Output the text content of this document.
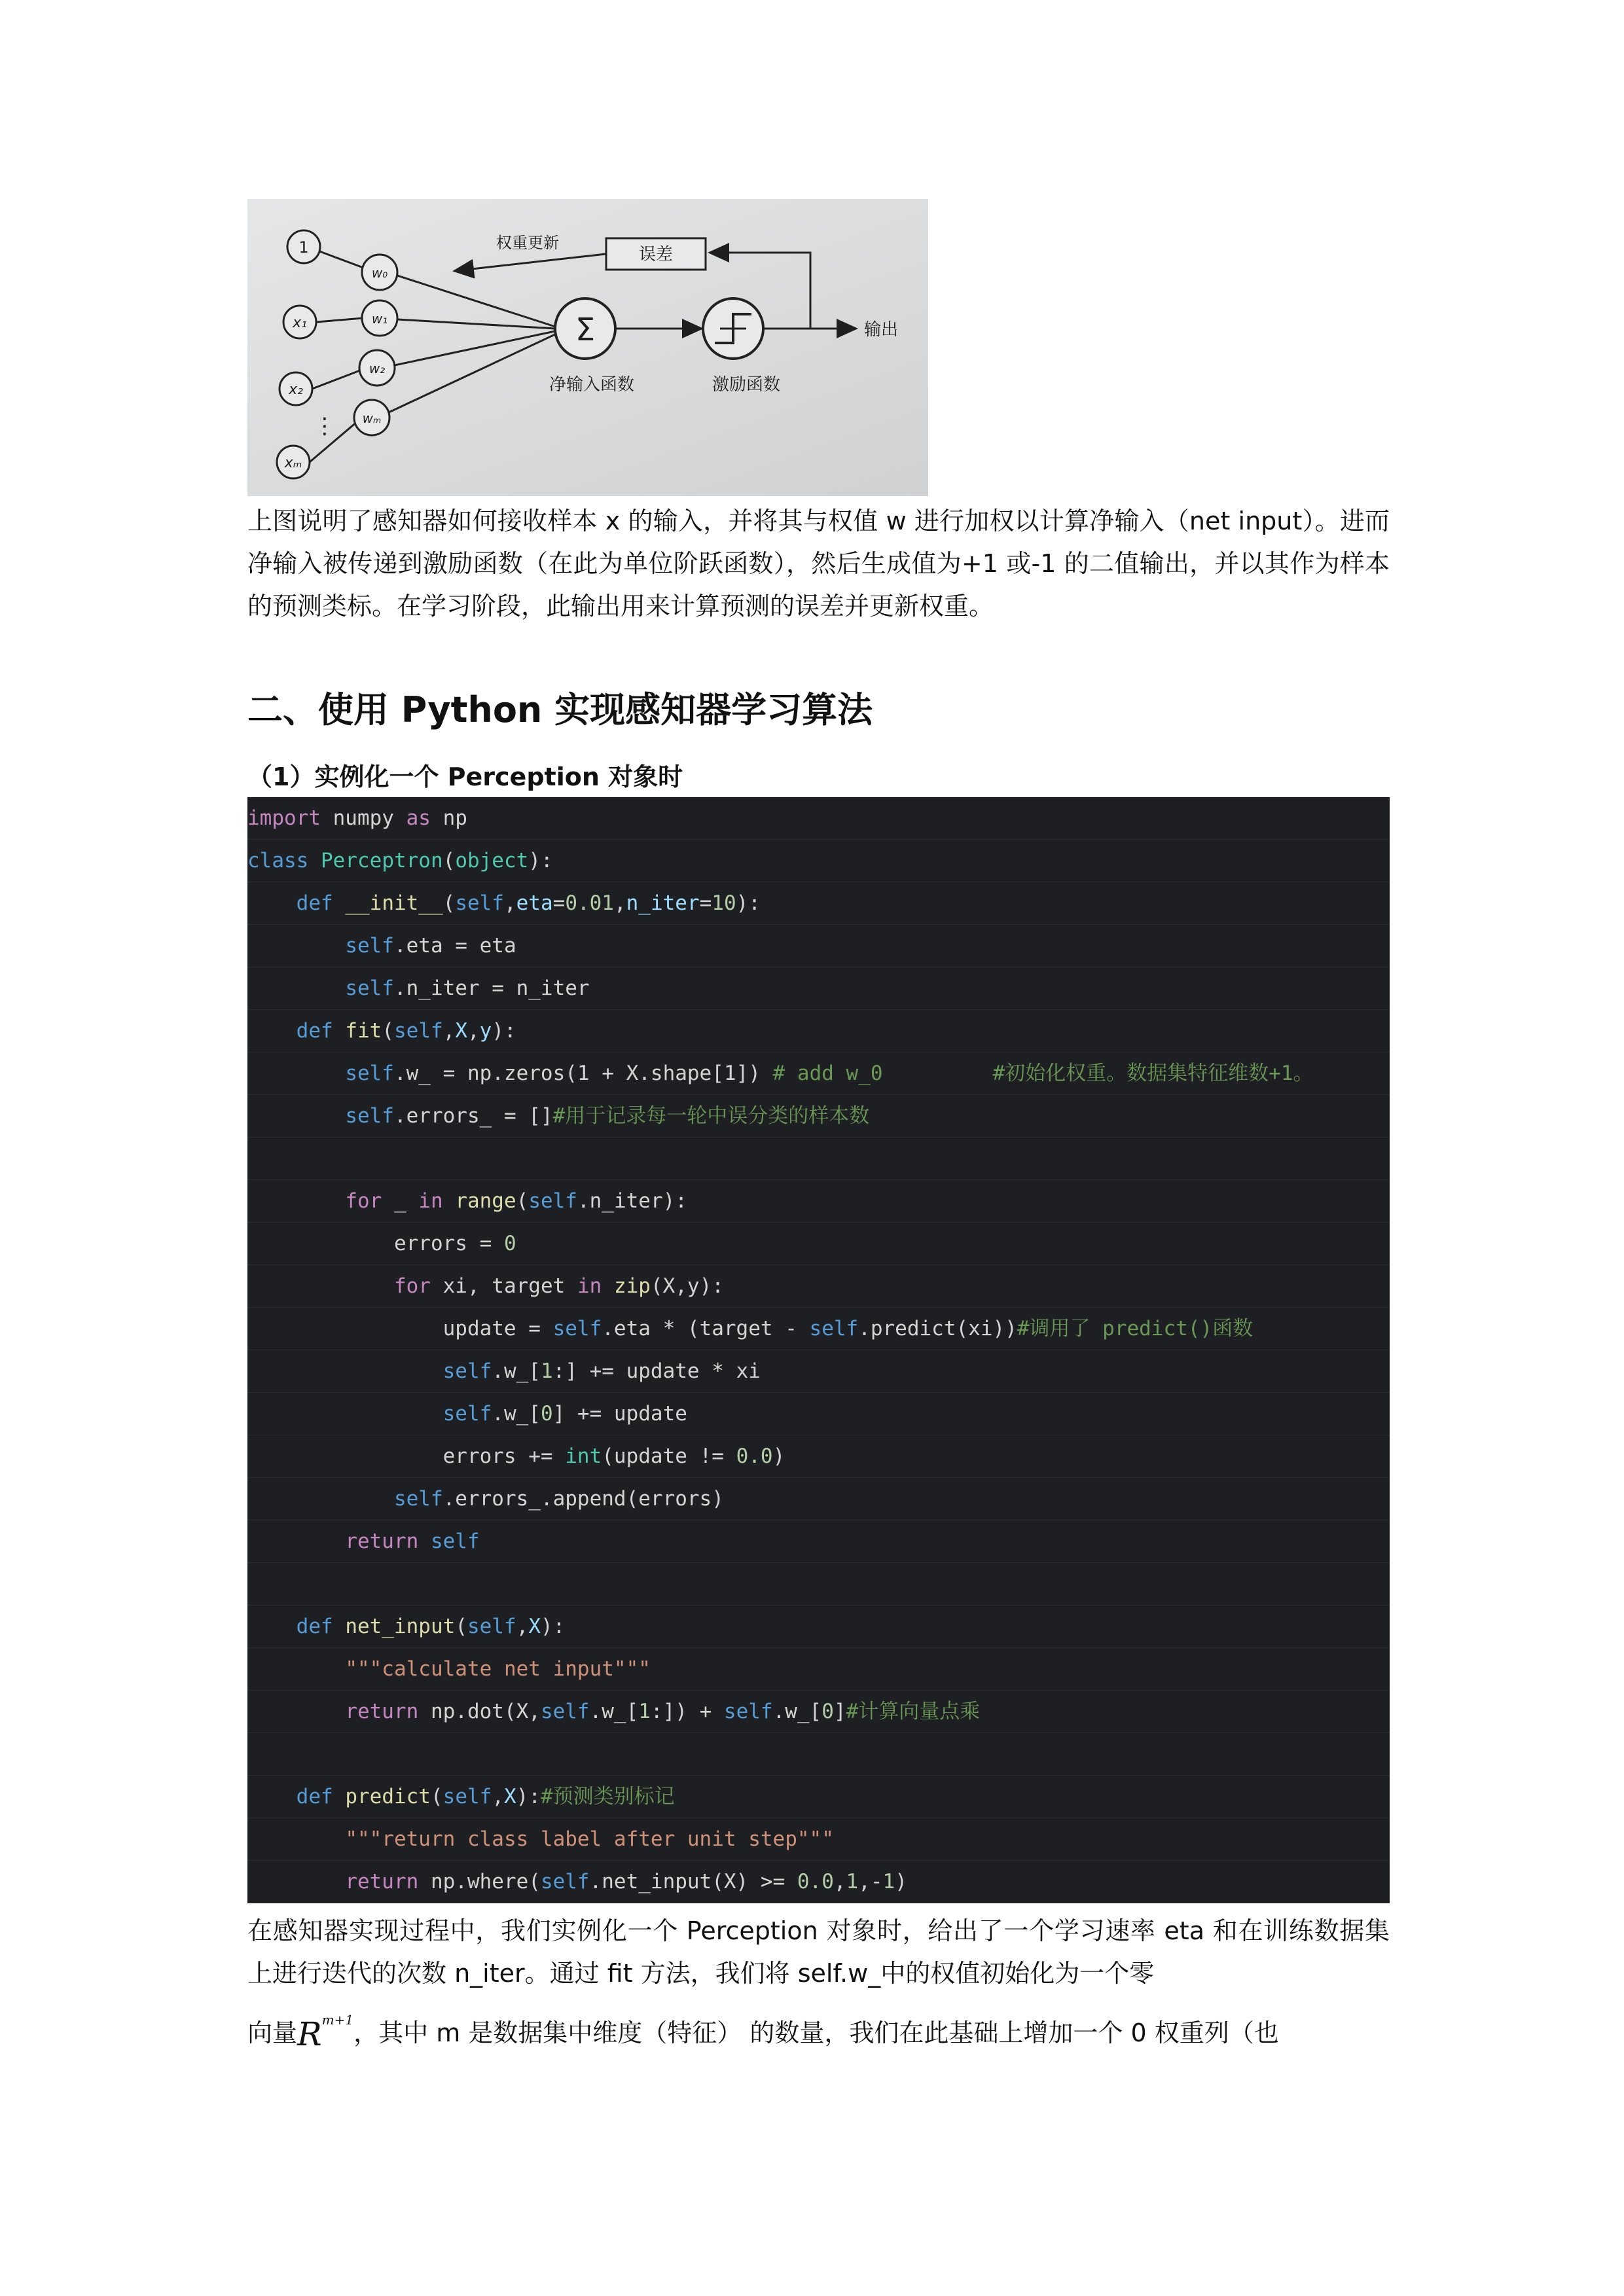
1
x₁
x₂
⋮
xₘ
w₀
w₁
w₂
wₘ
Σ
净输入函数	激励函数
输出
误差
权重更新

上图说明了感知器如何接收样本 x 的输入，并将其与权值 w 进行加权以计算净输入（net input）。进而净输入被传递到激励函数（在此为单位阶跃函数），然后生成值为+1 或-1 的二值输出，并以其作为样本的预测类标。在学习阶段，此输出用来计算预测的误差并更新权重。

二、使用 Python 实现感知器学习算法
（1）实例化一个 Perception 对象时
import numpy as np
class Perceptron(object):
def __init__(self,eta=0.01,n_iter=10):
self.eta = eta
self.n_iter = n_iter
def fit(self,X,y):
self.w_ = np.zeros(1 + X.shape[1]) # add w_0         #初始化权重。数据集特征维数+1。
self.errors_ = []#用于记录每一轮中误分类的样本数
for _ in range(self.n_iter):
errors = 0
for xi, target in zip(X,y):
update = self.eta * (target - self.predict(xi))#调用了 predict()函数
self.w_[1:] += update * xi
self.w_[0] += update
errors += int(update != 0.0)
self.errors_.append(errors)
return self
def net_input(self,X):
"""calculate net input"""
return np.dot(X,self.w_[1:]) + self.w_[0]#计算向量点乘
def predict(self,X):#预测类别标记
"""return class label after unit step"""
return np.where(self.net_input(X) >= 0.0,1,-1)

在感知器实现过程中，我们实例化一个 Perception 对象时，给出了一个学习速率 eta 和在训练数据集上进行迭代的次数 n_iter。通过 fit 方法，我们将 self.w_中的权值初始化为一个零

向量$R^{m+1}$，其中 m 是数据集中维度（特征） 的数量，我们在此基础上增加一个 0 权重列（也
